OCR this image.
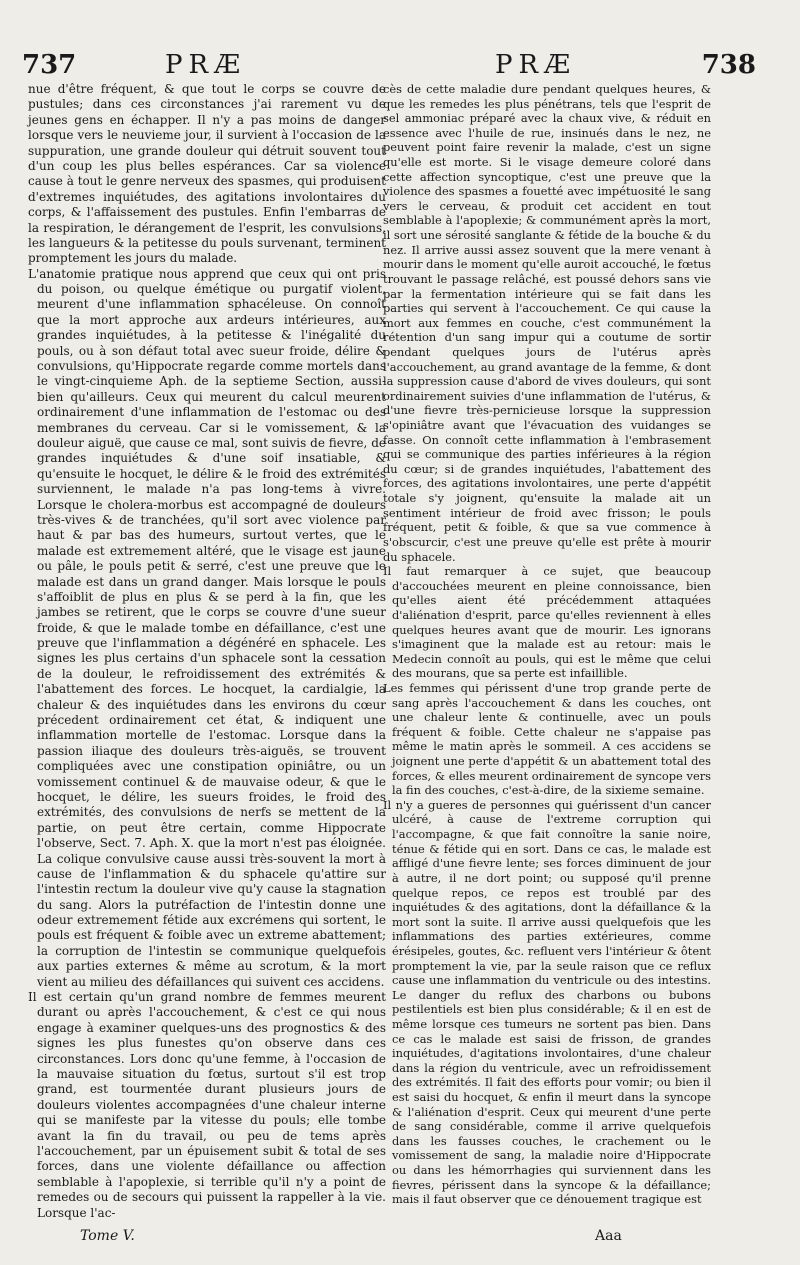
737	PRÆ	PRÆ	738

nue d'être fréquent, & que tout le corps se couvre de pustules; dans ces circonstances j'ai rarement vu de jeunes gens en échapper. Il n'y a pas moins de danger lorsque vers le neuvieme jour, il survient à l'occasion de la suppuration, une grande douleur qui détruit souvent tout d'un coup les plus belles espérances. Car sa violence cause à tout le genre nerveux des spasmes, qui produisent d'extremes inquiétudes, des agitations involontaires du corps, & l'affaissement des pustules. Enfin l'embarras de la respiration, le dérangement de l'esprit, les convulsions, les langueurs & la petitesse du pouls survenant, terminent promptement les jours du malade.

L'anatomie pratique nous apprend que ceux qui ont pris du poison, ou quelque émétique ou purgatif violent, meurent d'une inflammation sphacéleuse. On connoît que la mort approche aux ardeurs intérieures, aux grandes inquiétudes, à la petitesse & l'inégalité du pouls, ou à son défaut total avec sueur froide, délire & convulsions, qu'Hippocrate regarde comme mortels dans le vingt-cinquieme Aph. de la septieme Section, aussi-bien qu'ailleurs. Ceux qui meurent du calcul meurent ordinairement d'une inflammation de l'estomac ou des membranes du cerveau. Car si le vomissement, & la douleur aiguë, que cause ce mal, sont suivis de fievre, de grandes inquiétudes & d'une soif insatiable, & qu'ensuite le hocquet, le délire & le froid des extrémités surviennent, le malade n'a pas long-tems à vivre. Lorsque le cholera-morbus est accompagné de douleurs très-vives & de tranchées, qu'il sort avec violence par haut & par bas des humeurs, surtout vertes, que le malade est extremement altéré, que le visage est jaune ou pâle, le pouls petit & serré, c'est une preuve que le malade est dans un grand danger. Mais lorsque le pouls s'affoiblit de plus en plus & se perd à la fin, que les jambes se retirent, que le corps se couvre d'une sueur froide, & que le malade tombe en défaillance, c'est une preuve que l'inflammation a dégénéré en sphacele. Les signes les plus certains d'un sphacele sont la cessation de la douleur, le refroidissement des extrémités & l'abattement des forces. Le hocquet, la cardialgie, la chaleur & des inquiétudes dans les environs du cœur précedent ordinairement cet état, & indiquent une inflammation mortelle de l'estomac. Lorsque dans la passion iliaque des douleurs très-aiguës, se trouvent compliquées avec une constipation opiniâtre, ou un vomissement continuel & de mauvaise odeur, & que le hocquet, le délire, les sueurs froides, le froid des extrémités, des convulsions de nerfs se mettent de la partie, on peut être certain, comme Hippocrate l'observe, Sect. 7. Aph. X. que la mort n'est pas éloignée. La colique convulsive cause aussi très-souvent la mort à cause de l'inflammation & du sphacele qu'attire sur l'intestin rectum la douleur vive qu'y cause la stagnation du sang. Alors la putréfaction de l'intestin donne une odeur extremement fétide aux excrémens qui sortent, le pouls est fréquent & foible avec un extreme abattement; la corruption de l'intestin se communique quelquefois aux parties externes & même au scrotum, & la mort vient au milieu des défaillances qui suivent ces accidens.

Il est certain qu'un grand nombre de femmes meurent durant ou après l'accouchement, & c'est ce qui nous engage à examiner quelques-uns des prognostics & des signes les plus funestes qu'on observe dans ces circonstances. Lors donc qu'une femme, à l'occasion de la mauvaise situation du fœtus, surtout s'il est trop grand, est tourmentée durant plusieurs jours de douleurs violentes accompagnées d'une chaleur interne qui se manifeste par la vitesse du pouls; elle tombe avant la fin du travail, ou peu de tems après l'accouchement, par un épuisement subit & total de ses forces, dans une violente défaillance ou affection semblable à l'apoplexie, si terrible qu'il n'y a point de remedes ou de secours qui puissent la rappeller à la vie. Lorsque l'ac-

cès de cette maladie dure pendant quelques heures, & que les remedes les plus pénétrans, tels que l'esprit de sel ammoniac préparé avec la chaux vive, & réduit en essence avec l'huile de rue, insinués dans le nez, ne peuvent point faire revenir la malade, c'est un signe qu'elle est morte. Si le visage demeure coloré dans cette affection syncoptique, c'est une preuve que la violence des spasmes a fouetté avec impétuosité le sang vers le cerveau, & produit cet accident en tout semblable à l'apoplexie; & communément après la mort, il sort une sérosité sanglante & fétide de la bouche & du nez. Il arrive aussi assez souvent que la mere venant à mourir dans le moment qu'elle auroit accouché, le fœtus trouvant le passage relâché, est poussé dehors sans vie par la fermentation intérieure qui se fait dans les parties qui servent à l'accouchement. Ce qui cause la mort aux femmes en couche, c'est communément la rétention d'un sang impur qui a coutume de sortir pendant quelques jours de l'utérus après l'accouchement, au grand avantage de la femme, & dont la suppression cause d'abord de vives douleurs, qui sont ordinairement suivies d'une inflammation de l'utérus, & d'une fievre très-pernicieuse lorsque la suppression s'opiniâtre avant que l'évacuation des vuidanges se fasse. On connoît cette inflammation à l'embrasement qui se communique des parties inférieures à la région du cœur; si de grandes inquiétudes, l'abattement des forces, des agitations involontaires, une perte d'appétit totale s'y joignent, qu'ensuite la malade ait un sentiment intérieur de froid avec frisson; le pouls fréquent, petit & foible, & que sa vue commence à s'obscurcir, c'est une preuve qu'elle est prête à mourir du sphacele.

Il faut remarquer à ce sujet, que beaucoup d'accouchées meurent en pleine connoissance, bien qu'elles aient été précédemment attaquées d'aliénation d'esprit, parce qu'elles reviennent à elles quelques heures avant que de mourir. Les ignorans s'imaginent que la malade est au retour: mais le Medecin connoît au pouls, qui est le même que celui des mourans, que sa perte est infaillible.

Les femmes qui périssent d'une trop grande perte de sang après l'accouchement & dans les couches, ont une chaleur lente & continuelle, avec un pouls fréquent & foible. Cette chaleur ne s'appaise pas même le matin après le sommeil. A ces accidens se joignent une perte d'appétit & un abattement total des forces, & elles meurent ordinairement de syncope vers la fin des couches, c'est-à-dire, de la sixieme semaine.

Il n'y a gueres de personnes qui guérissent d'un cancer ulcéré, à cause de l'extreme corruption qui l'accompagne, & que fait connoître la sanie noire, ténue & fétide qui en sort. Dans ce cas, le malade est affligé d'une fievre lente; ses forces diminuent de jour à autre, il ne dort point; ou supposé qu'il prenne quelque repos, ce repos est troublé par des inquiétudes & des agitations, dont la défaillance & la mort sont la suite. Il arrive aussi quelquefois que les inflammations des parties extérieures, comme érésipeles, goutes, &c. refluent vers l'intérieur & ôtent promptement la vie, par la seule raison que ce reflux cause une inflammation du ventricule ou des intestins. Le danger du reflux des charbons ou bubons pestilentiels est bien plus considérable; & il en est de même lorsque ces tumeurs ne sortent pas bien. Dans ce cas le malade est saisi de frisson, de grandes inquiétudes, d'agitations involontaires, d'une chaleur dans la région du ventricule, avec un refroidissement des extrémités. Il fait des efforts pour vomir; ou bien il est saisi du hocquet, & enfin il meurt dans la syncope & l'aliénation d'esprit. Ceux qui meurent d'une perte de sang considérable, comme il arrive quelquefois dans les fausses couches, le crachement ou le vomissement de sang, la maladie noire d'Hippocrate ou dans les hémorrhagies qui surviennent dans les fievres, périssent dans la syncope & la défaillance; mais il faut observer que ce dénouement tragique est

Tome V.	Aaa
